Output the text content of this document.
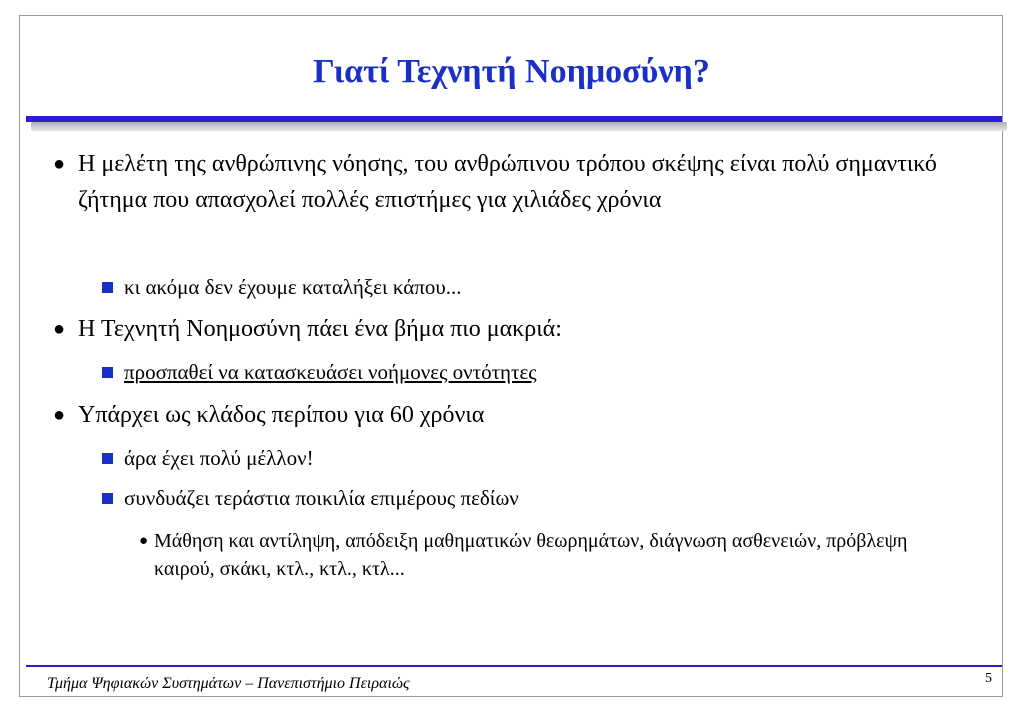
Γιατί Τεχνητή Νοημοσύνη?
● Η μελέτη της ανθρώπινης νόησης, του ανθρώπινου τρόπου σκέψης είναι πολύ σημαντικό ζήτημα που απασχολεί πολλές επιστήμες για χιλιάδες χρόνια
κι ακόμα δεν έχουμε καταλήξει κάπου...
● Η Τεχνητή Νοημοσύνη πάει ένα βήμα πιο μακριά:
προσπαθεί να κατασκευάσει νοήμονες οντότητες
● Υπάρχει ως κλάδος περίπου για 60 χρόνια
άρα έχει πολύ μέλλον!
συνδυάζει τεράστια ποικιλία επιμέρους πεδίων
● Μάθηση και αντίληψη, απόδειξη μαθηματικών θεωρημάτων, διάγνωση ασθενειών, πρόβλεψη καιρού, σκάκι, κτλ., κτλ., κτλ...
Τμήμα Ψηφιακών Συστημάτων – Πανεπιστήμιο Πειραιώς	5
